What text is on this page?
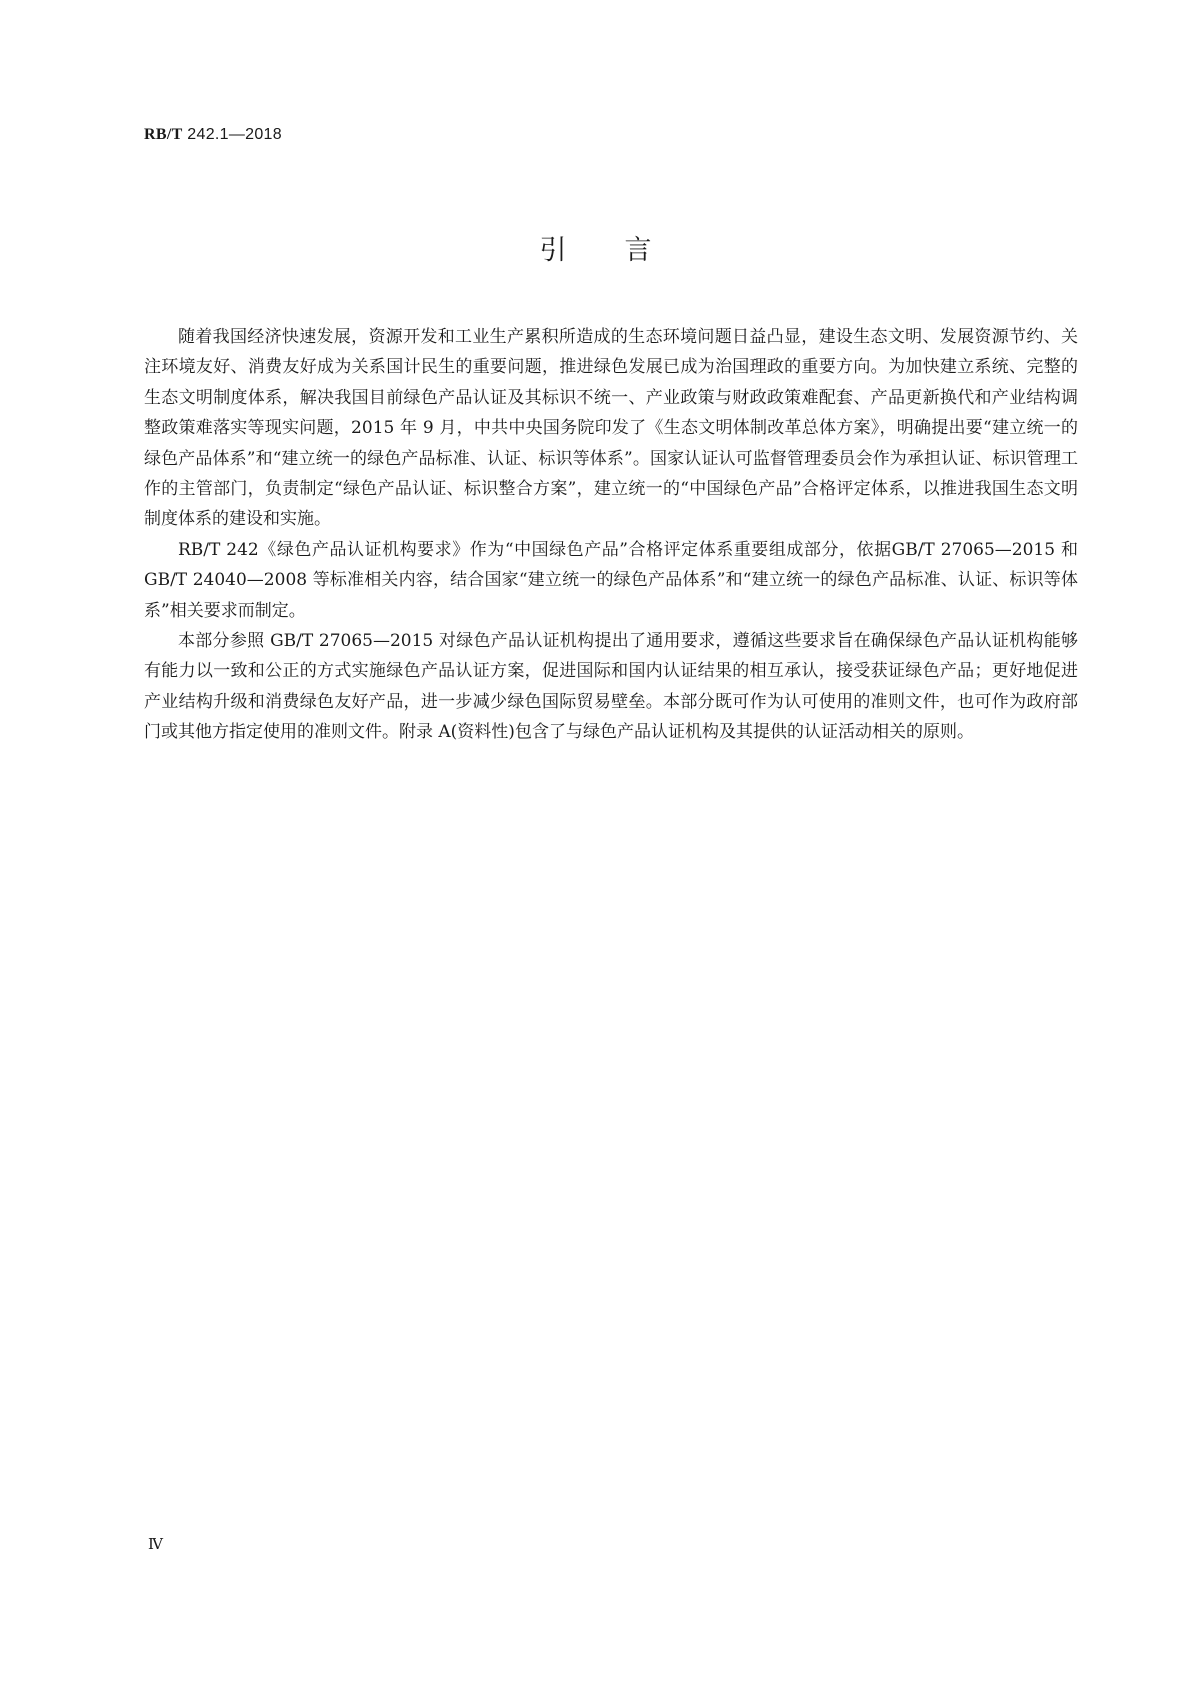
RB/T 242.1—2018
引言

随着我国经济快速发展，资源开发和工业生产累积所造成的生态环境问题日益凸显，建设生态文明、发展资源节约、关注环境友好、消费友好成为关系国计民生的重要问题，推进绿色发展已成为治国理政的重要方向。为加快建立系统、完整的生态文明制度体系，解决我国目前绿色产品认证及其标识不统一、产业政策与财政政策难配套、产品更新换代和产业结构调整政策难落实等现实问题，2015 年 9 月，中共中央国务院印发了《生态文明体制改革总体方案》，明确提出要“建立统一的绿色产品体系”和“建立统一的绿色产品标准、认证、标识等体系”。国家认证认可监督管理委员会作为承担认证、标识管理工作的主管部门，负责制定“绿色产品认证、标识整合方案”，建立统一的“中国绿色产品”合格评定体系，以推进我国生态文明制度体系的建设和实施。

RB/T 242《绿色产品认证机构要求》作为“中国绿色产品”合格评定体系重要组成部分，依据GB/T 27065—2015 和 GB/T 24040—2008 等标准相关内容，结合国家“建立统一的绿色产品体系”和“建立统一的绿色产品标准、认证、标识等体系”相关要求而制定。

本部分参照 GB/T 27065—2015 对绿色产品认证机构提出了通用要求，遵循这些要求旨在确保绿色产品认证机构能够有能力以一致和公正的方式实施绿色产品认证方案，促进国际和国内认证结果的相互承认，接受获证绿色产品；更好地促进产业结构升级和消费绿色友好产品，进一步减少绿色国际贸易壁垒。本部分既可作为认可使用的准则文件，也可作为政府部门或其他方指定使用的准则文件。附录 A(资料性)包含了与绿色产品认证机构及其提供的认证活动相关的原则。

Ⅳ
